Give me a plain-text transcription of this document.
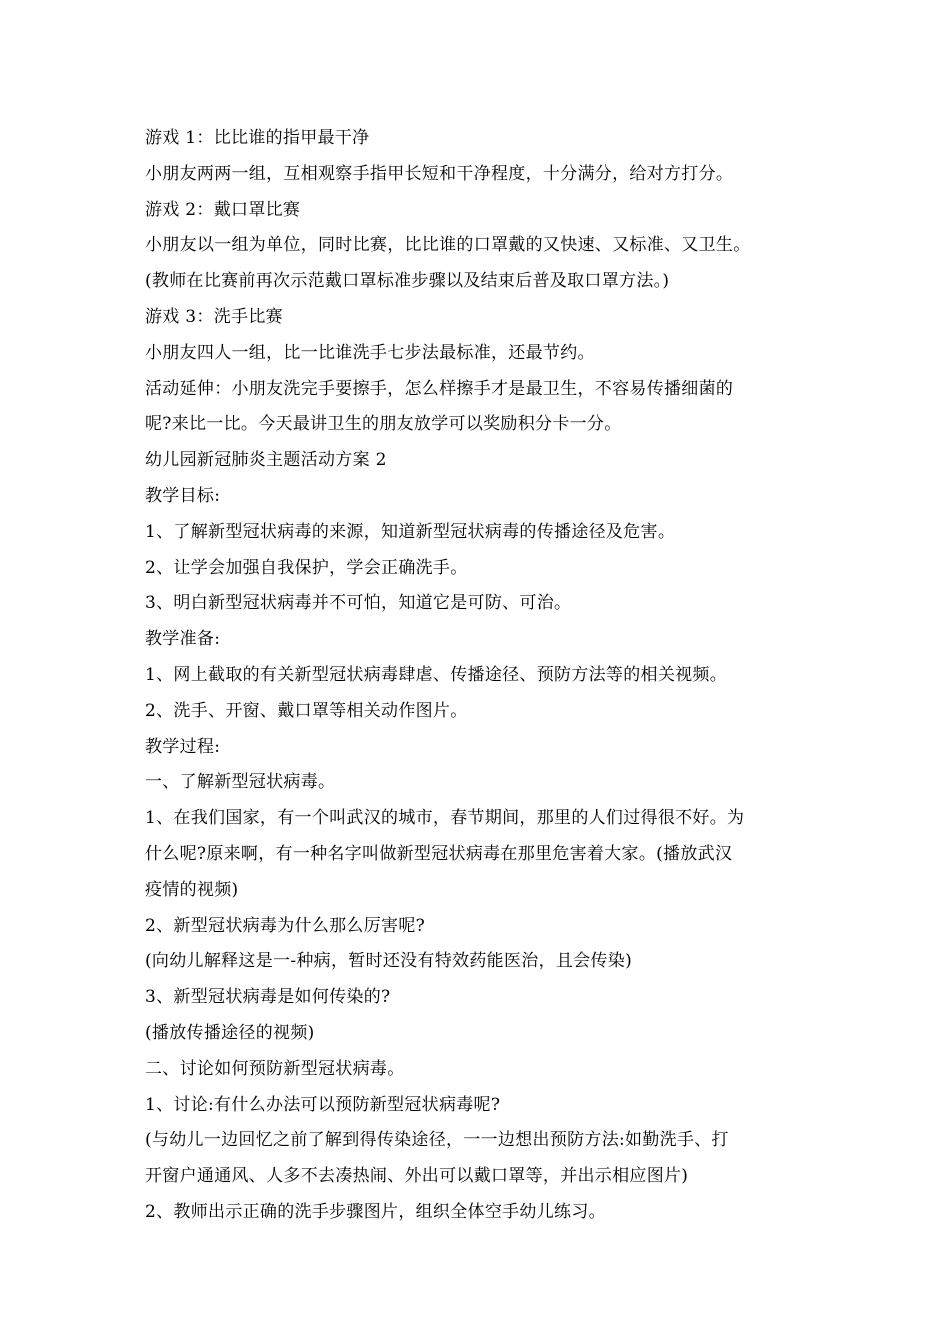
游戏 1：比比谁的指甲最干净

小朋友两两一组，互相观察手指甲长短和干净程度，十分满分，给对方打分。

游戏 2：戴口罩比赛

小朋友以一组为单位，同时比赛，比比谁的口罩戴的又快速、又标准、又卫生。

(教师在比赛前再次示范戴口罩标准步骤以及结束后普及取口罩方法。)

游戏 3：洗手比赛

小朋友四人一组，比一比谁洗手七步法最标准，还最节约。

活动延伸：小朋友洗完手要擦手，怎么样擦手才是最卫生，不容易传播细菌的

呢?来比一比。今天最讲卫生的朋友放学可以奖励积分卡一分。

幼儿园新冠肺炎主题活动方案 2

教学目标:

1、了解新型冠状病毒的来源，知道新型冠状病毒的传播途径及危害。

2、让学会加强自我保护，学会正确洗手。

3、明白新型冠状病毒并不可怕，知道它是可防、可治。

教学准备:

1、网上截取的有关新型冠状病毒肆虐、传播途径、预防方法等的相关视频。

2、洗手、开窗、戴口罩等相关动作图片。

教学过程:

一、了解新型冠状病毒。

1、在我们国家，有一个叫武汉的城市，春节期间，那里的人们过得很不好。为

什么呢?原来啊，有一种名字叫做新型冠状病毒在那里危害着大家。(播放武汉

疫情的视频)

2、新型冠状病毒为什么那么厉害呢?

(向幼儿解释这是一-种病，暂时还没有特效药能医治，且会传染)

3、新型冠状病毒是如何传染的?

(播放传播途径的视频)

二、讨论如何预防新型冠状病毒。

1、讨论:有什么办法可以预防新型冠状病毒呢?

(与幼儿一边回忆之前了解到得传染途径，一一边想出预防方法:如勤洗手、打

开窗户通通风、人多不去凑热闹、外出可以戴口罩等，并出示相应图片)

2、教师出示正确的洗手步骤图片，组织全体空手幼儿练习。
